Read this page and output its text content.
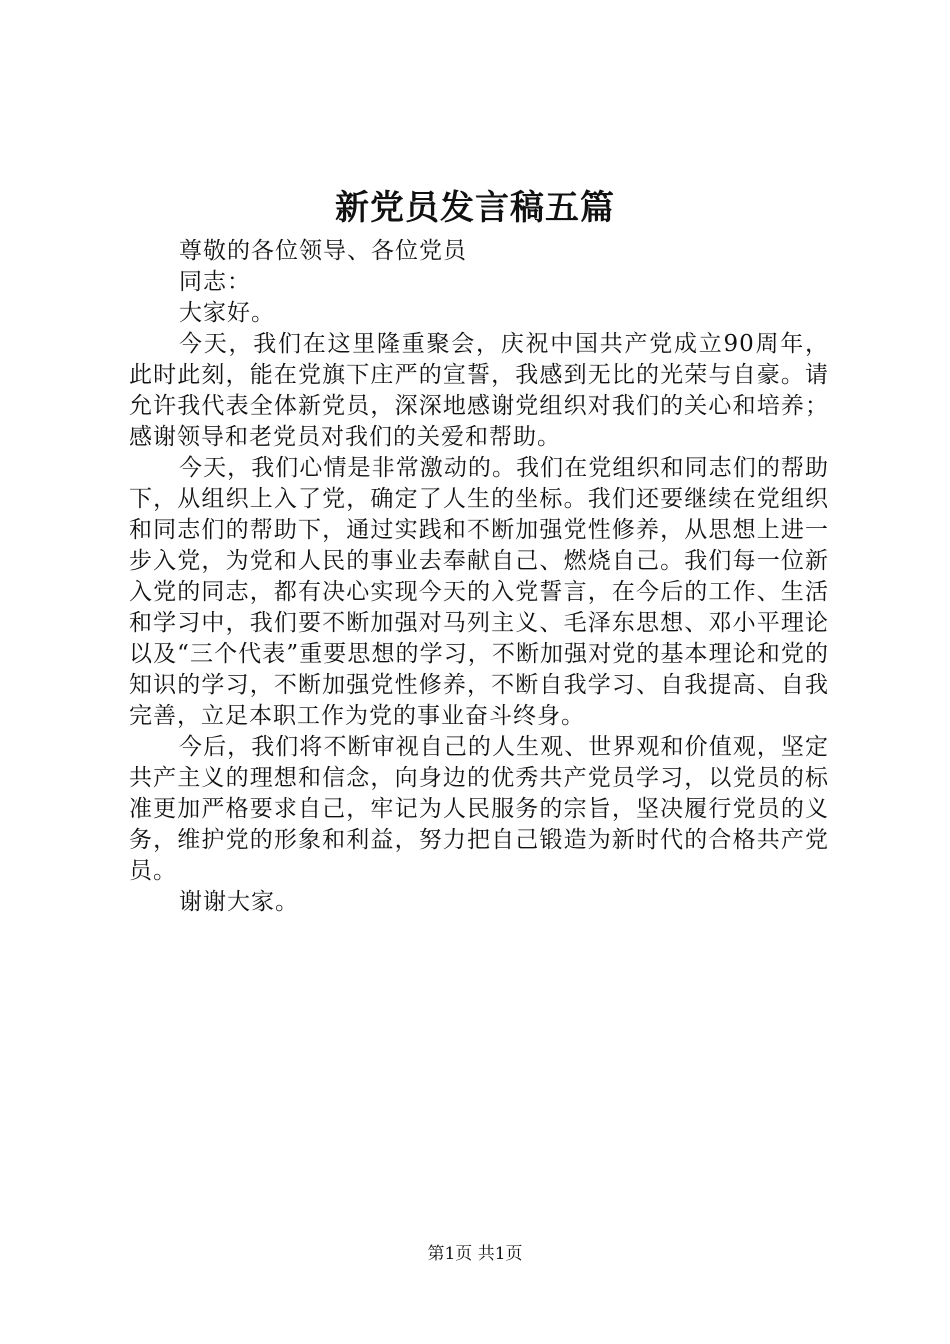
新党员发言稿五篇

尊敬的各位领导、各位党员

同志：

大家好。

今天，我们在这里隆重聚会，庆祝中国共产党成立90周年，此时此刻，能在党旗下庄严的宣誓，我感到无比的光荣与自豪。请允许我代表全体新党员，深深地感谢党组织对我们的关心和培养；感谢领导和老党员对我们的关爱和帮助。

今天，我们心情是非常激动的。我们在党组织和同志们的帮助下，从组织上入了党，确定了人生的坐标。我们还要继续在党组织和同志们的帮助下，通过实践和不断加强党性修养，从思想上进一步入党，为党和人民的事业去奉献自己、燃烧自己。我们每一位新入党的同志，都有决心实现今天的入党誓言，在今后的工作、生活和学习中，我们要不断加强对马列主义、毛泽东思想、邓小平理论以及“三个代表”重要思想的学习，不断加强对党的基本理论和党的知识的学习，不断加强党性修养，不断自我学习、自我提高、自我完善，立足本职工作为党的事业奋斗终身。

今后，我们将不断审视自己的人生观、世界观和价值观，坚定共产主义的理想和信念，向身边的优秀共产党员学习，以党员的标准更加严格要求自己，牢记为人民服务的宗旨，坚决履行党员的义务，维护党的形象和利益，努力把自己锻造为新时代的合格共产党员。

谢谢大家。

第1页 共1页
